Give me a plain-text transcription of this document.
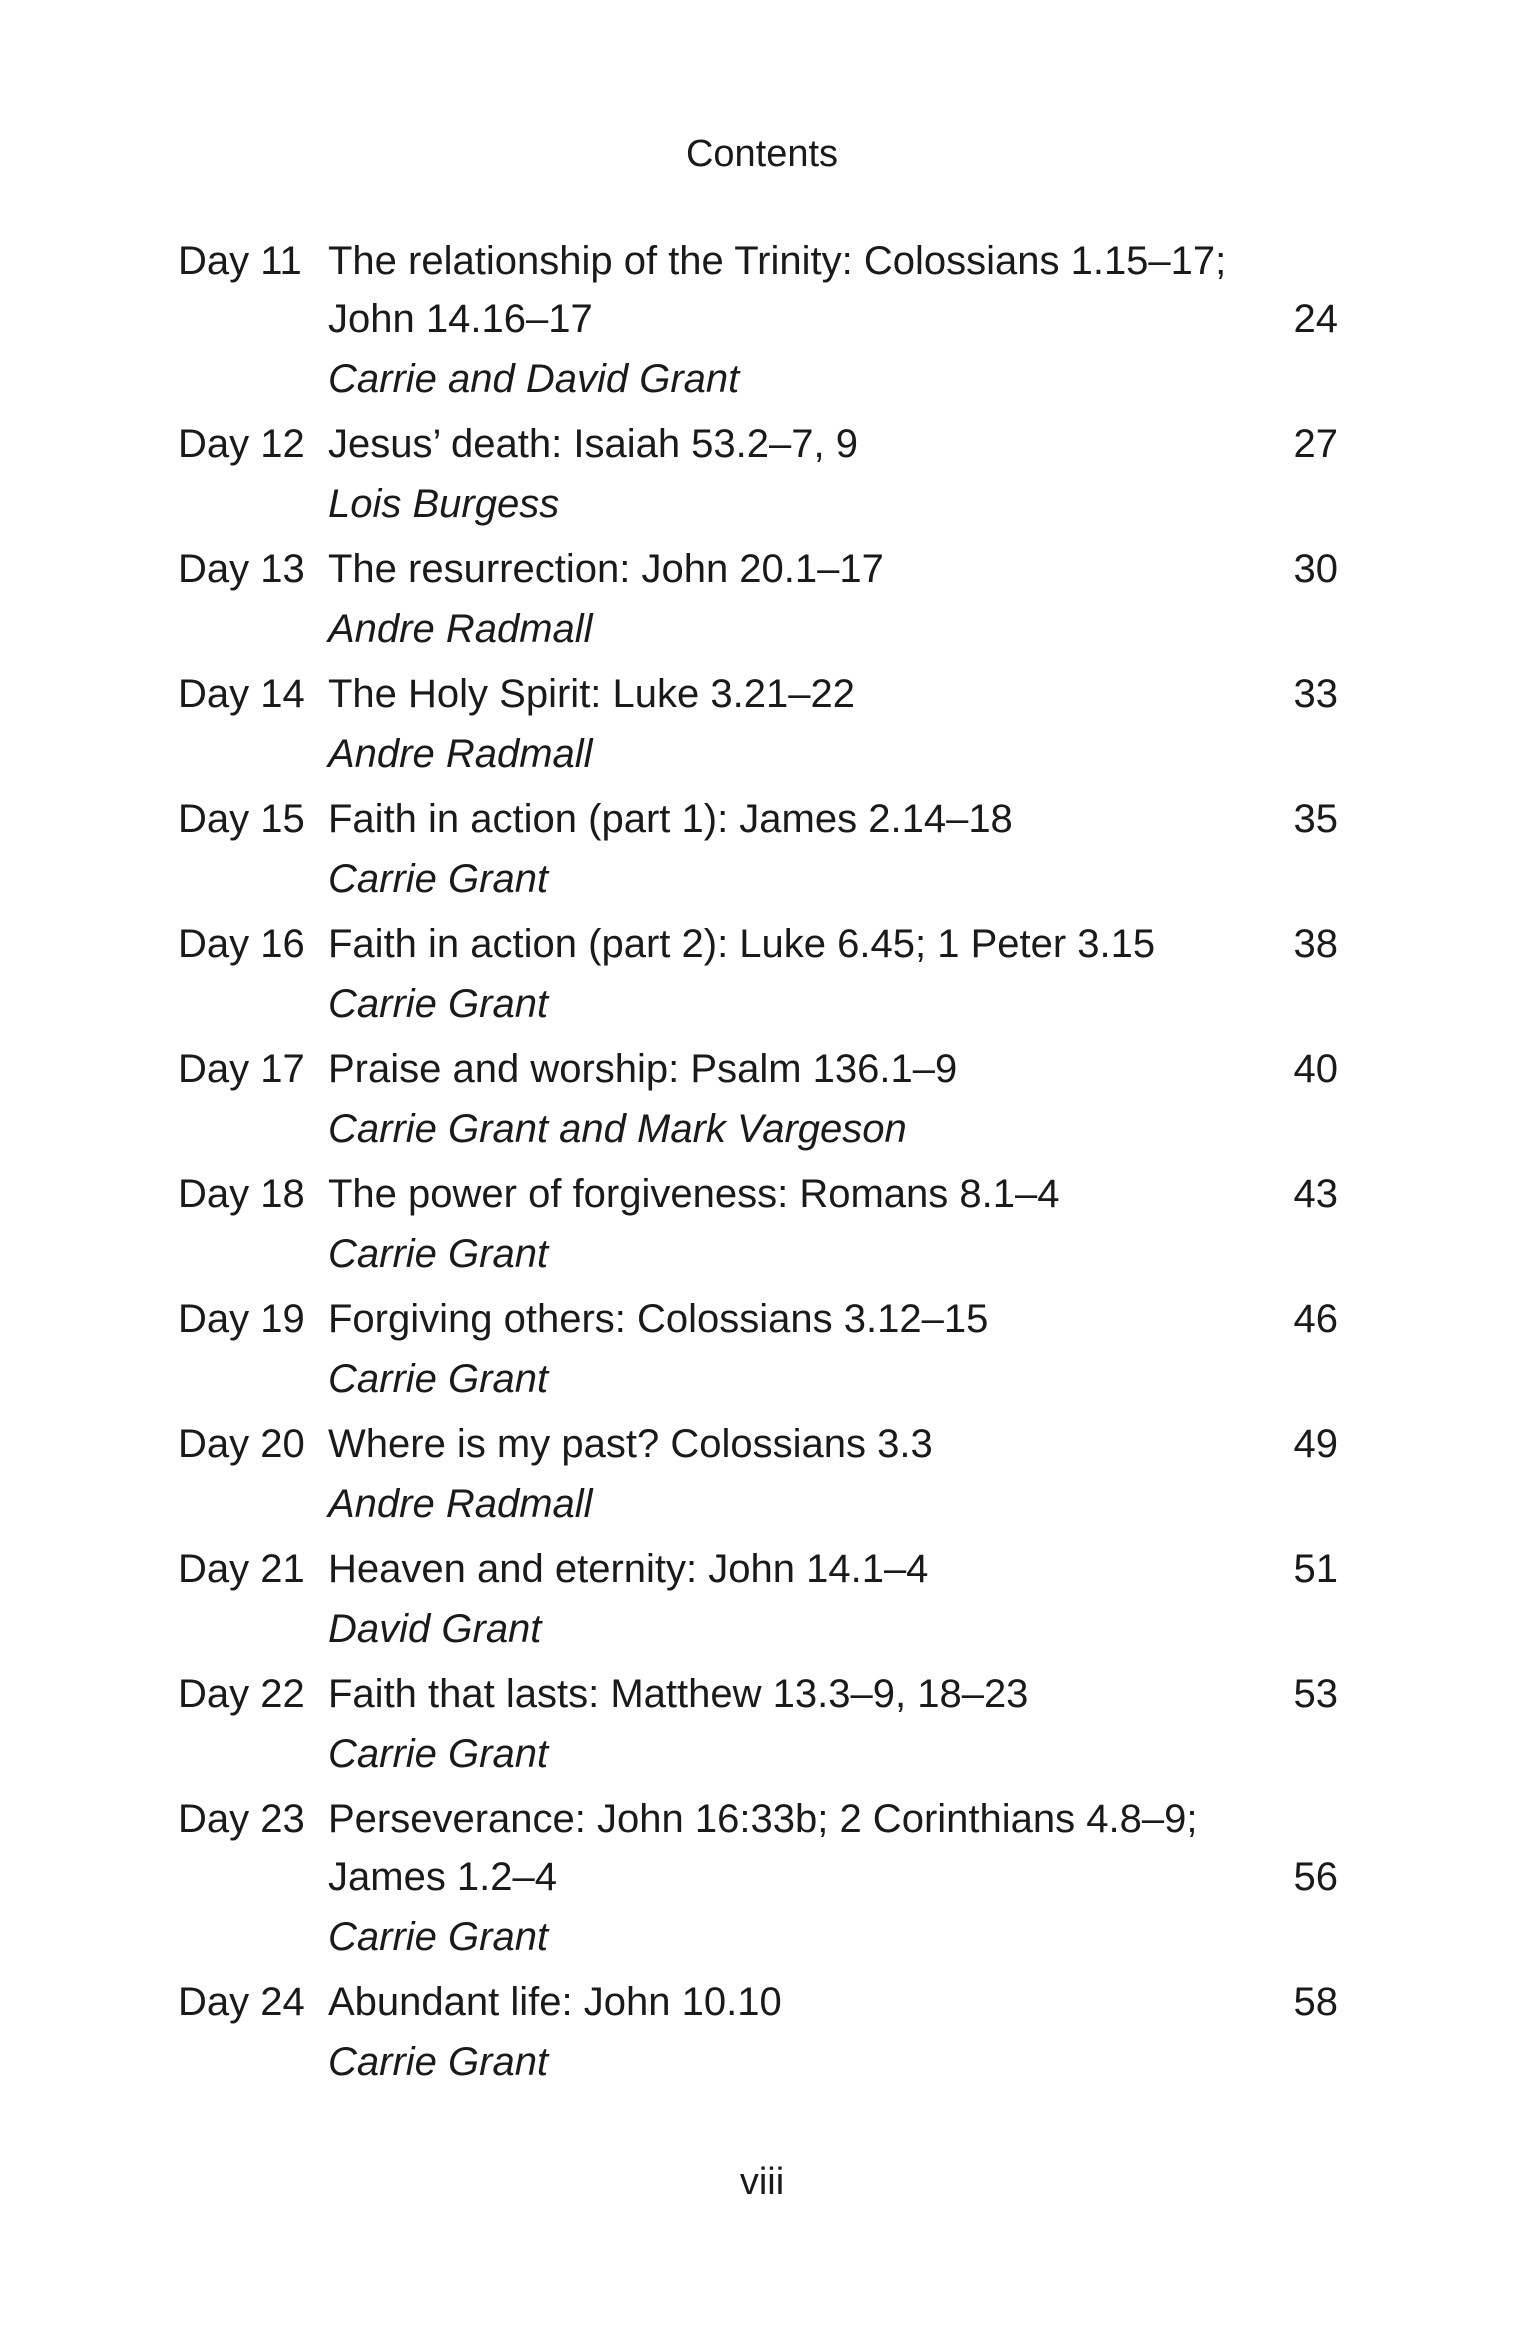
Contents
Day 11 The relationship of the Trinity: Colossians 1.15–17;
John 14.16–17
Carrie and David Grant
24
Day 12 Jesus’ death: Isaiah 53.2–7, 9
Lois Burgess
27
Day 13 The resurrection: John 20.1–17
Andre Radmall
30
Day 14 The Holy Spirit: Luke 3.21–22
Andre Radmall
33
Day 15 Faith in action (part 1): James 2.14–18
Carrie Grant
35
Day 16 Faith in action (part 2): Luke 6.45; 1 Peter 3.15
Carrie Grant
38
Day 17 Praise and worship: Psalm 136.1–9
Carrie Grant and Mark Vargeson
40
Day 18 The power of forgiveness: Romans 8.1–4
Carrie Grant
43
Day 19 Forgiving others: Colossians 3.12–15
Carrie Grant
46
Day 20 Where is my past? Colossians 3.3
Andre Radmall
49
Day 21 Heaven and eternity: John 14.1–4
David Grant
51
Day 22 Faith that lasts: Matthew 13.3–9, 18–23
Carrie Grant
53
Day 23 Perseverance: John 16:33b; 2 Corinthians 4.8–9;
James 1.2–4
Carrie Grant
56
Day 24 Abundant life: John 10.10
Carrie Grant
58
viii
